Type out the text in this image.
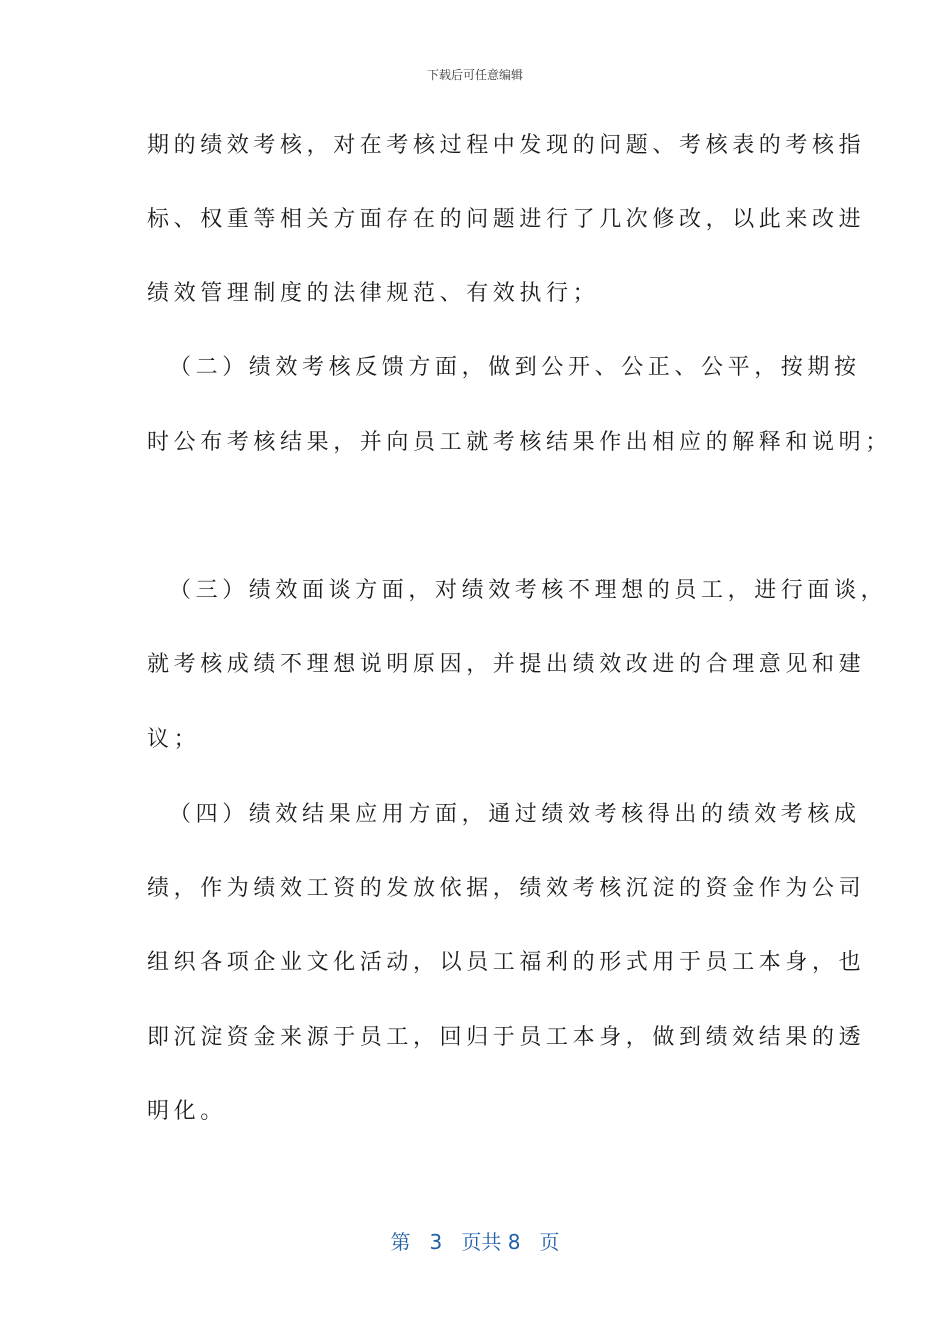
下载后可任意编辑
期的绩效考核，对在考核过程中发现的问题、考核表的考核指
标、权重等相关方面存在的问题进行了几次修改，以此来改进
绩效管理制度的法律规范、有效执行；
（二）绩效考核反馈方面，做到公开、公正、公平，按期按
时公布考核结果，并向员工就考核结果作出相应的解释和说明；
（三）绩效面谈方面，对绩效考核不理想的员工，进行面谈，
就考核成绩不理想说明原因，并提出绩效改进的合理意见和建
议；
（四）绩效结果应用方面，通过绩效考核得出的绩效考核成
绩，作为绩效工资的发放依据，绩效考核沉淀的资金作为公司
组织各项企业文化活动，以员工福利的形式用于员工本身，也
即沉淀资金来源于员工，回归于员工本身，做到绩效结果的透
明化。
第 3 页共 8 页
